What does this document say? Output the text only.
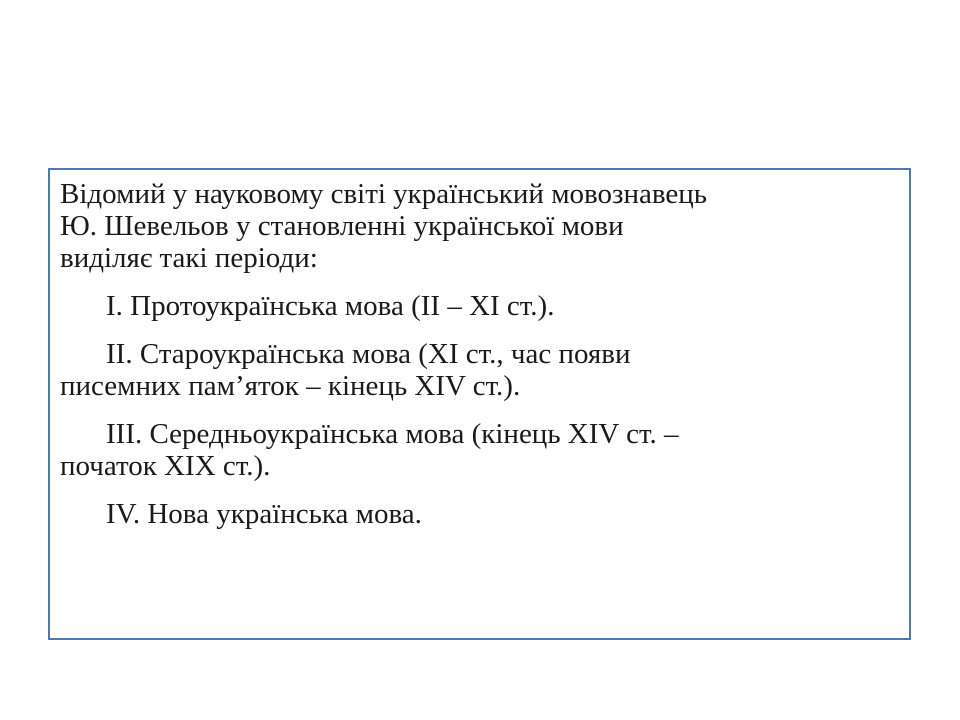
Відомий у науковому світі український мовознавець
Ю. Шевельов у становленні української мови
виділяє такі періоди:

I. Протоукраїнська мова (II – XI ст.).

II. Староукраїнська мова (XI ст., час появи
писемних пам’яток – кінець XIV ст.).

III. Середньоукраїнська мова (кінець XIV ст. –
початок XIX ст.).

IV. Нова українська мова.
